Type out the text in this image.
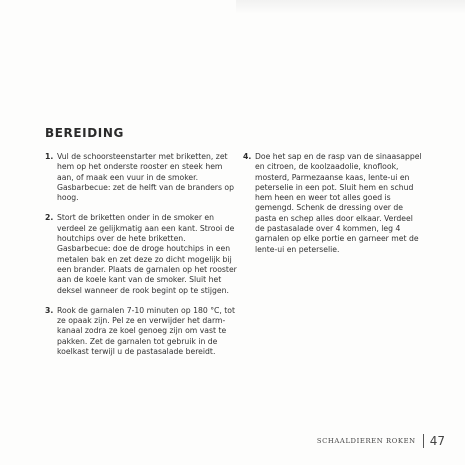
BEREIDING
1. Vul de schoorsteenstarter met briketten, zet hem op het onderste rooster en steek hem aan, of maak een vuur in de smoker. Gasbarbecue: zet de helft van de branders op hoog.
2. Stort de briketten onder in de smoker en verdeel ze gelijkmatig aan een kant. Strooi de houtchips over de hete briketten. Gasbarbecue: doe de droge houtchips in een metalen bak en zet deze zo dicht mogelijk bij een brander. Plaats de garnalen op het rooster aan de koele kant van de smoker. Sluit het deksel wanneer de rook begint op te stijgen.
3. Rook de garnalen 7-10 minuten op 180 °C, tot ze opaak zijn. Pel ze en verwijder het darmkanaal zodra ze koel genoeg zijn om vast te pakken. Zet de garnalen tot gebruik in de koelkast terwijl u de pastasalade bereidt.
4. Doe het sap en de rasp van de sinaasappel en citroen, de koolzaadolie, knoflook, mosterd, Parmezaanse kaas, lente-ui en peterselie in een pot. Sluit hem en schud hem heen en weer tot alles goed is gemengd. Schenk de dressing over de pasta en schep alles door elkaar. Verdeel de pastasalade over 4 kommen, leg 4 garnalen op elke portie en garneer met de lente-ui en peterselie.
SCHAALDIEREN ROKEN 47
